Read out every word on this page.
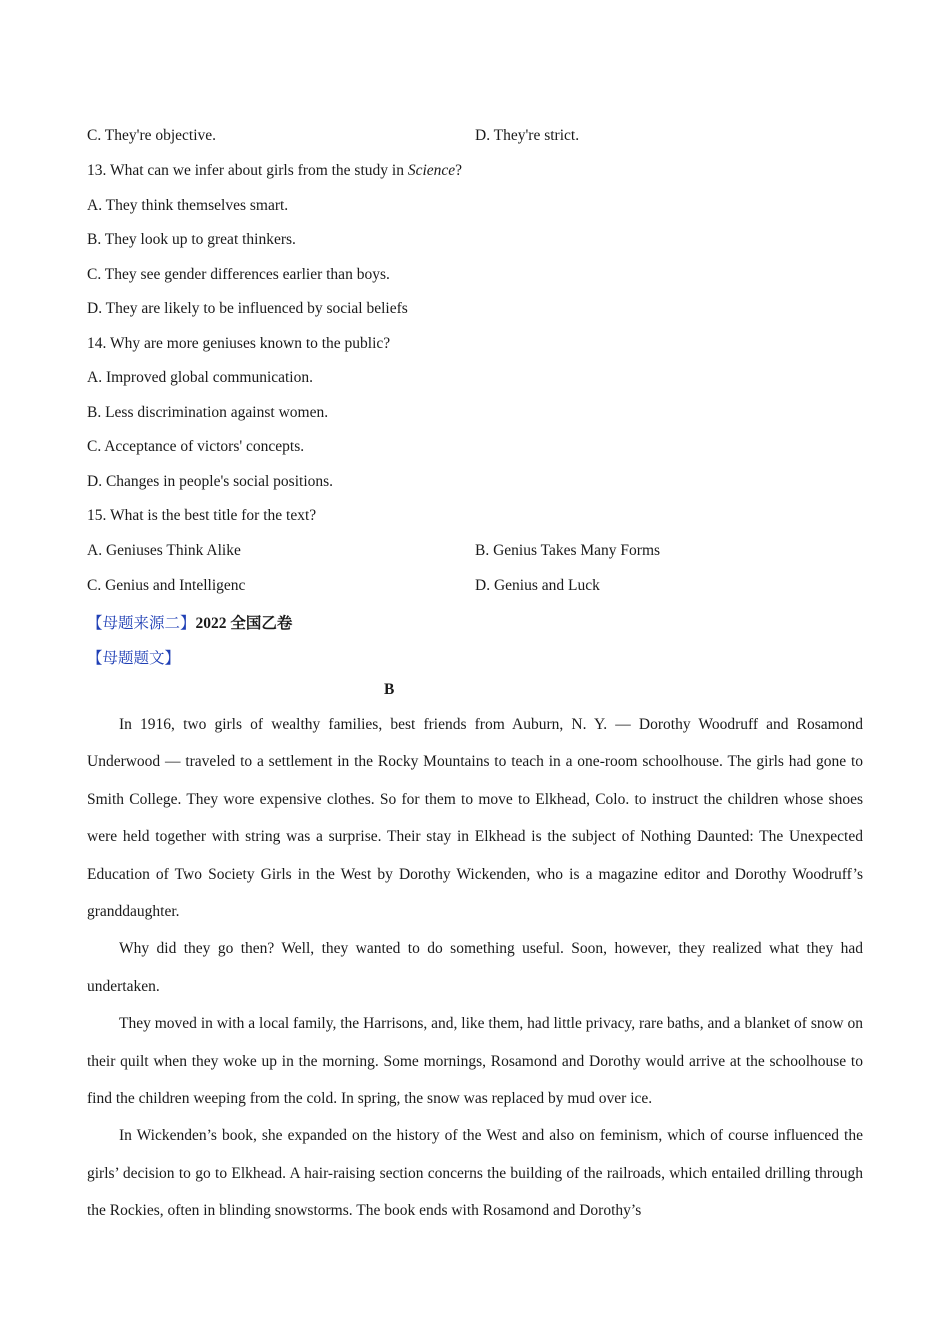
C. They're objective.	D. They're strict.
13. What can we infer about girls from the study in Science?
A. They think themselves smart.
B. They look up to great thinkers.
C. They see gender differences earlier than boys.
D. They are likely to be influenced by social beliefs
14. Why are more geniuses known to the public?
A. Improved global communication.
B. Less discrimination against women.
C. Acceptance of victors' concepts.
D. Changes in people's social positions.
15. What is the best title for the text?
A. Geniuses Think Alike	B. Genius Takes Many Forms
C. Genius and Intelligenc	D. Genius and Luck
【母题来源二】2022 全国乙卷
【母题题文】
B

In 1916, two girls of wealthy families, best friends from Auburn, N. Y. — Dorothy Woodruff and Rosamond Underwood — traveled to a settlement in the Rocky Mountains to teach in a one-room schoolhouse. The girls had gone to Smith College. They wore expensive clothes. So for them to move to Elkhead, Colo. to instruct the children whose shoes were held together with string was a surprise. Their stay in Elkhead is the subject of Nothing Daunted: The Unexpected Education of Two Society Girls in the West by Dorothy Wickenden, who is a magazine editor and Dorothy Woodruff’s granddaughter.

Why did they go then? Well, they wanted to do something useful. Soon, however, they realized what they had undertaken.

They moved in with a local family, the Harrisons, and, like them, had little privacy, rare baths, and a blanket of snow on their quilt when they woke up in the morning. Some mornings, Rosamond and Dorothy would arrive at the schoolhouse to find the children weeping from the cold. In spring, the snow was replaced by mud over ice.

In Wickenden’s book, she expanded on the history of the West and also on feminism, which of course influenced the girls’ decision to go to Elkhead. A hair-raising section concerns the building of the railroads, which entailed drilling through the Rockies, often in blinding snowstorms. The book ends with Rosamond and Dorothy’s
